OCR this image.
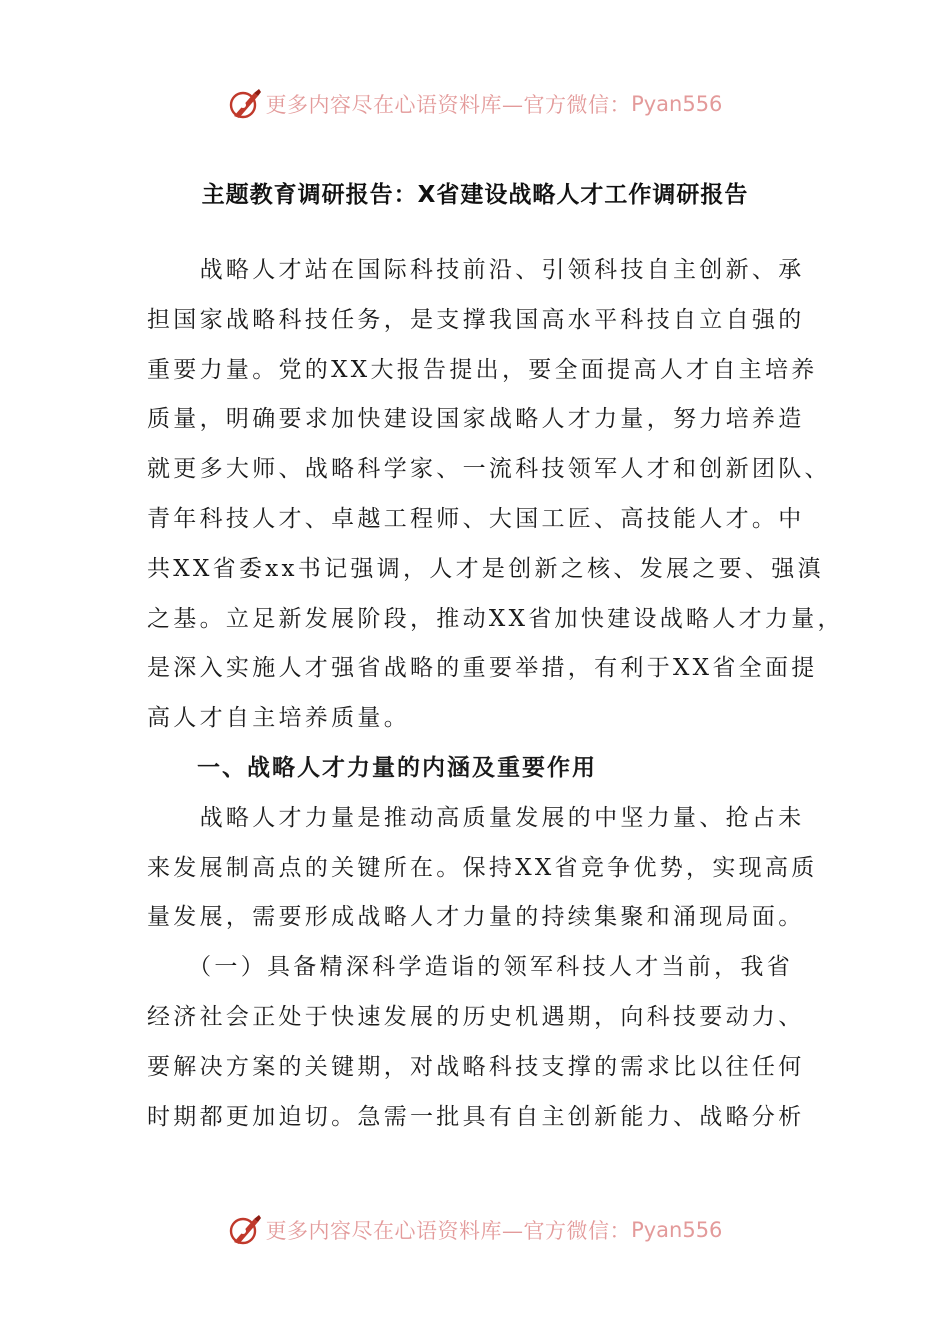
更多内容尽在心语资料库—官方微信： Pyan556
主题教育调研报告：X省建设战略人才工作调研报告
　　战略人才站在国际科技前沿、引领科技自主创新、承
担国家战略科技任务，是支撑我国高水平科技自立自强的
重要力量。党的XX大报告提出，要全面提高人才自主培养
质量，明确要求加快建设国家战略人才力量，努力培养造
就更多大师、战略科学家、一流科技领军人才和创新团队、
青年科技人才、卓越工程师、大国工匠、高技能人才。中
共XX省委xx书记强调，人才是创新之核、发展之要、强滇
之基。立足新发展阶段，推动XX省加快建设战略人才力量，
是深入实施人才强省战略的重要举措，有利于XX省全面提
高人才自主培养质量。
　　一、战略人才力量的内涵及重要作用
　　战略人才力量是推动高质量发展的中坚力量、抢占未
来发展制高点的关键所在。保持XX省竞争优势，实现高质
量发展，需要形成战略人才力量的持续集聚和涌现局面。
　　（一）具备精深科学造诣的领军科技人才当前，我省
经济社会正处于快速发展的历史机遇期，向科技要动力、
要解决方案的关键期，对战略科技支撑的需求比以往任何
时期都更加迫切。急需一批具有自主创新能力、战略分析
更多内容尽在心语资料库—官方微信： Pyan556
